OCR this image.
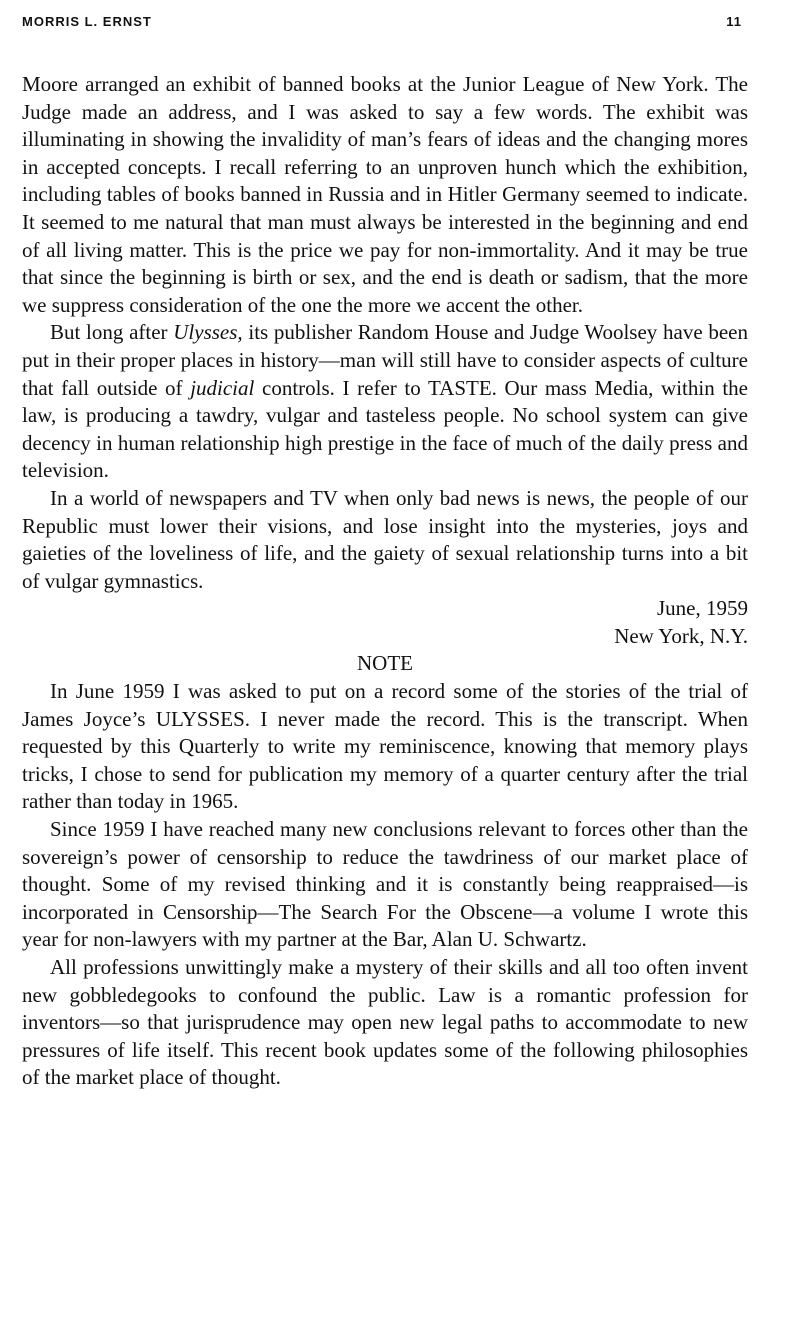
MORRIS L. ERNST	11

Moore arranged an exhibit of banned books at the Junior League of New York. The Judge made an address, and I was asked to say a few words. The exhibit was illuminating in showing the invalidity of man’s fears of ideas and the changing mores in accepted concepts. I recall referring to an unproven hunch which the exhibition, including tables of books banned in Russia and in Hitler Germany seemed to indicate. It seemed to me natural that man must always be interested in the beginning and end of all living matter. This is the price we pay for non-immortality. And it may be true that since the beginning is birth or sex, and the end is death or sadism, that the more we suppress consideration of the one the more we accent the other.

But long after Ulysses, its publisher Random House and Judge Woolsey have been put in their proper places in history—man will still have to consider aspects of culture that fall outside of judicial controls. I refer to TASTE. Our mass Media, within the law, is producing a tawdry, vulgar and tasteless people. No school system can give decency in human relationship high prestige in the face of much of the daily press and television.

In a world of newspapers and TV when only bad news is news, the people of our Republic must lower their visions, and lose insight into the mysteries, joys and gaieties of the loveliness of life, and the gaiety of sexual relationship turns into a bit of vulgar gymnastics.

June, 1959

New York, N.Y.

NOTE

In June 1959 I was asked to put on a record some of the stories of the trial of James Joyce’s ULYSSES. I never made the record. This is the transcript. When requested by this Quarterly to write my reminiscence, knowing that memory plays tricks, I chose to send for publication my memory of a quarter century after the trial rather than today in 1965.

Since 1959 I have reached many new conclusions relevant to forces other than the sovereign’s power of censorship to reduce the tawdriness of our market place of thought. Some of my revised thinking and it is constantly being reappraised—is incorporated in Censorship—The Search For the Obscene—a volume I wrote this year for non-lawyers with my partner at the Bar, Alan U. Schwartz.

All professions unwittingly make a mystery of their skills and all too often invent new gobbledegooks to confound the public. Law is a romantic profession for inventors—so that jurisprudence may open new legal paths to accommodate to new pressures of life itself. This recent book updates some of the following philosophies of the market place of thought.
